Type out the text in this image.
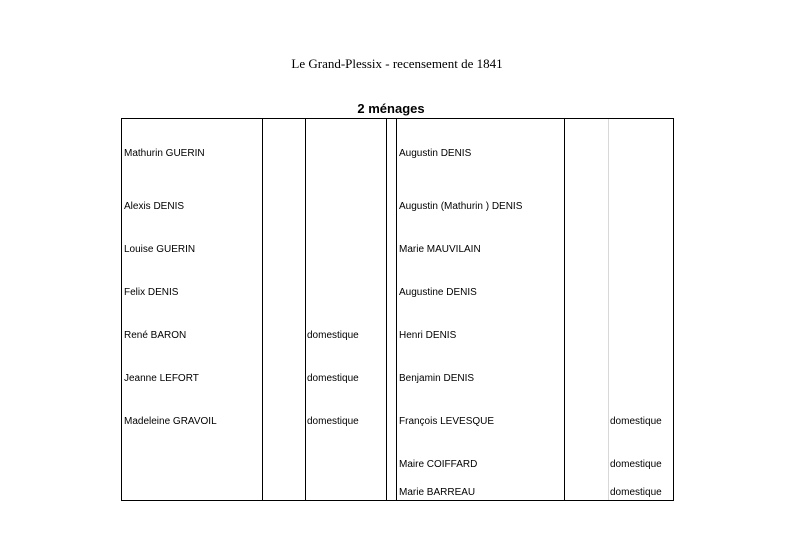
Le Grand-Plessix - recensement de 1841
2 ménages
Mathurin GUERIN
Alexis DENIS
Louise GUERIN
Felix DENIS
René BARON
Jeanne LEFORT
Madeleine GRAVOIL
domestique
domestique
domestique
Augustin DENIS
Augustin (Mathurin ) DENIS
Marie MAUVILAIN
Augustine DENIS
Henri DENIS
Benjamin DENIS
François LEVESQUE
Maire COIFFARD
Marie BARREAU
domestique
domestique
domestique
